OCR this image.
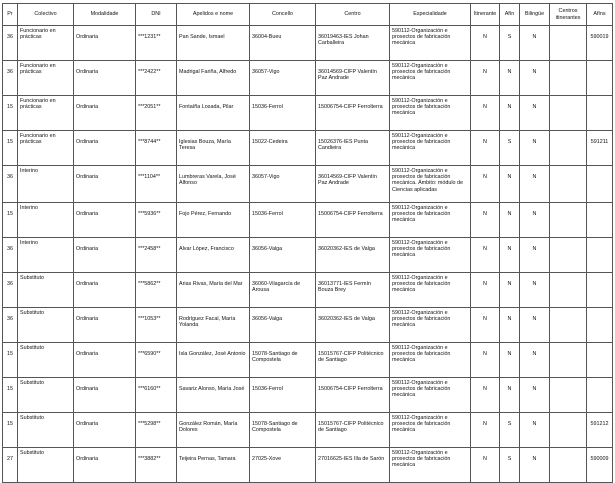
Pr	Colectivo	Modalidade	DNI	Apelidos e nome	Concello	Centro	Especialidade	Itinerante	Afín	Bilingüe	Centros itinerantes	Afíns
36	Funcionario en prácticas	Ordinaria	***1231**	Pan Sande, Ismael	36004-Bueu	36019463-IES Johan Carballeira	590112-Organización e proxectos de fabricación mecánica	N	S	N		590019
36	Funcionario en prácticas	Ordinaria	***2422**	Madrigal Fariña, Alfredo	36057-Vigo	36014569-CIFP Valentín Paz Andrade	590112-Organización e proxectos de fabricación mecánica	N	N	N		
15	Funcionario en prácticas	Ordinaria	***2051**	Fontaíña Losada, Pilar	15036-Ferrol	15006754-CIFP Ferrolterra	590112-Organización e proxectos de fabricación mecánica	N	N	N		
15	Funcionario en prácticas	Ordinaria	***8744**	Iglesias Bouza, María Teresa	15022-Cedeira	15026376-IES Punta Candieira	590112-Organización e proxectos de fabricación mecánica	N	S	N		591211
36	Interino	Ordinaria	***1104**	Lumbreras Varela, José Alfonso	36057-Vigo	36014569-CIFP Valentín Paz Andrade	590112-Organización e proxectos de fabricación mecánica. Ámbito: módulo de Ciencias aplicadas	N	N	N		
15	Interino	Ordinaria	***5936**	Fojo Pérez, Fernando	15036-Ferrol	15006754-CIFP Ferrolterra	590112-Organización e proxectos de fabricación mecánica	N	N	N		
36	Interino	Ordinaria	***2458**	Alvar López, Francisco	36056-Valga	36020362-IES de Valga	590112-Organización e proxectos de fabricación mecánica	N	N	N		
36	Substituto	Ordinaria	***5862**	Arias Rivas, María del Mar	36060-Vilagarcía de Arousa	36013771-IES Fermín Bouza Brey	590112-Organización e proxectos de fabricación mecánica	N	N	N		
36	Substituto	Ordinaria	***1053**	Rodríguez Facal, María Yolanda	36056-Valga	36020362-IES de Valga	590112-Organización e proxectos de fabricación mecánica	N	N	N		
15	Substituto	Ordinaria	***6590**	Isla González, José Antonio	15078-Santiago de Compostela	15015767-CIFP Politécnico de Santiago	590112-Organización e proxectos de fabricación mecánica	N	N	N		
15	Substituto	Ordinaria	***6160**	Savariz Alonso, María José	15036-Ferrol	15006754-CIFP Ferrolterra	590112-Organización e proxectos de fabricación mecánica	N	N	N		
15	Substituto	Ordinaria	***5298**	González Román, María Dolores	15078-Santiago de Compostela	15015767-CIFP Politécnico de Santiago	590112-Organización e proxectos de fabricación mecánica	N	S	N		591212
27	Substituto	Ordinaria	***3882**	Teijeira Pernas, Tamara	27025-Xove	27016625-IES Illa de Sarón	590112-Organización e proxectos de fabricación mecánica	N	S	N		590009
